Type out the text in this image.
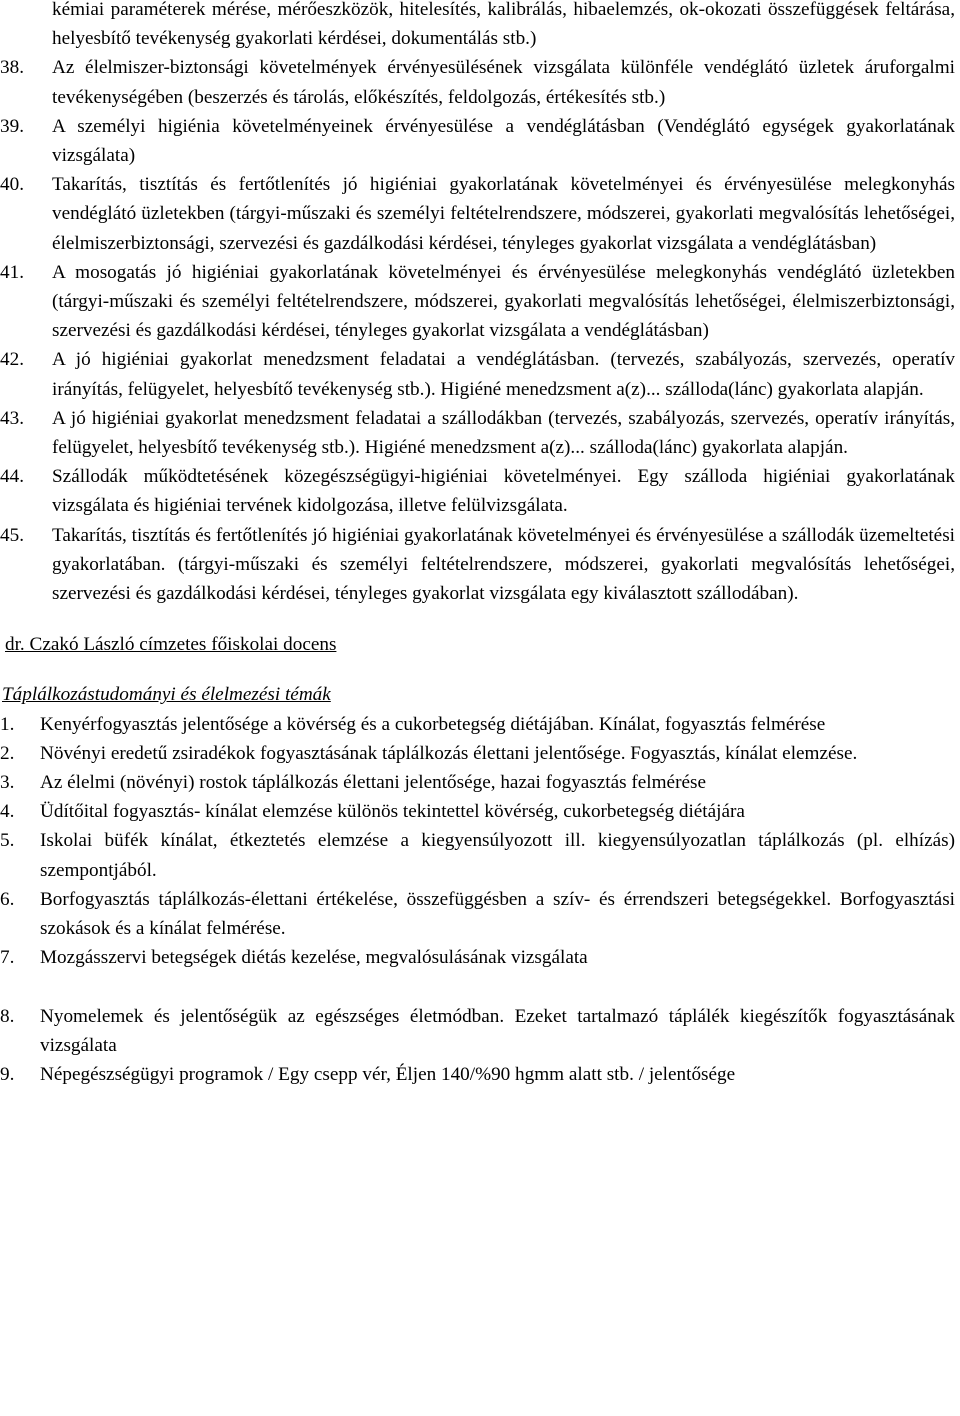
kémiai paraméterek mérése, mérőeszközök, hitelesítés, kalibrálás, hibaelemzés, ok-okozati összefüggések feltárása, helyesbítő tevékenység gyakorlati kérdései, dokumentálás stb.)
38.	Az élelmiszer-biztonsági követelmények érvényesülésének vizsgálata különféle vendéglátó üzletek áruforgalmi tevékenységében (beszerzés és tárolás, előkészítés, feldolgozás, értékesítés stb.)
39.	A személyi higiénia követelményeinek érvényesülése a vendéglátásban (Vendéglátó egységek gyakorlatának vizsgálata)
40.	Takarítás, tisztítás és fertőtlenítés jó higiéniai gyakorlatának követelményei és érvényesülése melegkonyhás vendéglátó üzletekben (tárgyi-műszaki és személyi feltételrendszere, módszerei, gyakorlati megvalósítás lehetőségei, élelmiszerbiztonsági, szervezési és gazdálkodási kérdései, tényleges gyakorlat vizsgálata a vendéglátásban)
41.	A mosogatás jó higiéniai gyakorlatának követelményei és érvényesülése melegkonyhás vendéglátó üzletekben (tárgyi-műszaki és személyi feltételrendszere, módszerei, gyakorlati megvalósítás lehetőségei, élelmiszerbiztonsági, szervezési és gazdálkodási kérdései, tényleges gyakorlat vizsgálata a vendéglátásban)
42.	A jó higiéniai gyakorlat menedzsment feladatai a vendéglátásban. (tervezés, szabályozás, szervezés, operatív irányítás, felügyelet, helyesbítő tevékenység stb.). Higiéné menedzsment a(z)... szálloda(lánc) gyakorlata alapján.
43.	A jó higiéniai gyakorlat menedzsment feladatai a szállodákban (tervezés, szabályozás, szervezés, operatív irányítás, felügyelet, helyesbítő tevékenység stb.). Higiéné menedzsment a(z)... szálloda(lánc) gyakorlata alapján.
44.	Szállodák működtetésének közegészségügyi-higiéniai követelményei. Egy szálloda higiéniai gyakorlatának vizsgálata és higiéniai tervének kidolgozása, illetve felülvizsgálata.
45.	Takarítás, tisztítás és fertőtlenítés jó higiéniai gyakorlatának követelményei és érvényesülése a szállodák üzemeltetési gyakorlatában. (tárgyi-műszaki és személyi feltételrendszere, módszerei, gyakorlati megvalósítás lehetőségei, szervezési és gazdálkodási kérdései, tényleges gyakorlat vizsgálata egy kiválasztott szállodában).
dr. Czakó László címzetes főiskolai docens
Táplálkozástudományi és élelmezési témák
1.	Kenyérfogyasztás jelentősége a kövérség és a cukorbetegség diétájában. Kínálat, fogyasztás felmérése
2.	Növényi eredetű zsiradékok fogyasztásának táplálkozás élettani jelentősége. Fogyasztás, kínálat elemzése.
3.	Az élelmi (növényi) rostok táplálkozás élettani jelentősége, hazai fogyasztás felmérése
4.	Üdítőital fogyasztás- kínálat elemzése különös tekintettel kövérség, cukorbetegség diétájára
5.	Iskolai büfék kínálat, étkeztetés elemzése a kiegyensúlyozott ill. kiegyensúlyozatlan táplálkozás (pl. elhízás) szempontjából.
6.	Borfogyasztás táplálkozás-élettani értékelése, összefüggésben a szív- és érrendszeri betegségekkel. Borfogyasztási szokások és a kínálat felmérése.
7.	Mozgásszervi betegségek diétás kezelése, megvalósulásának vizsgálata
8.	Nyomelemek és jelentőségük az egészséges életmódban. Ezeket tartalmazó táplálék kiegészítők fogyasztásának vizsgálata
9.	Népegészségügyi programok / Egy csepp vér, Éljen 140/%90 hgmm alatt stb. / jelentősége
